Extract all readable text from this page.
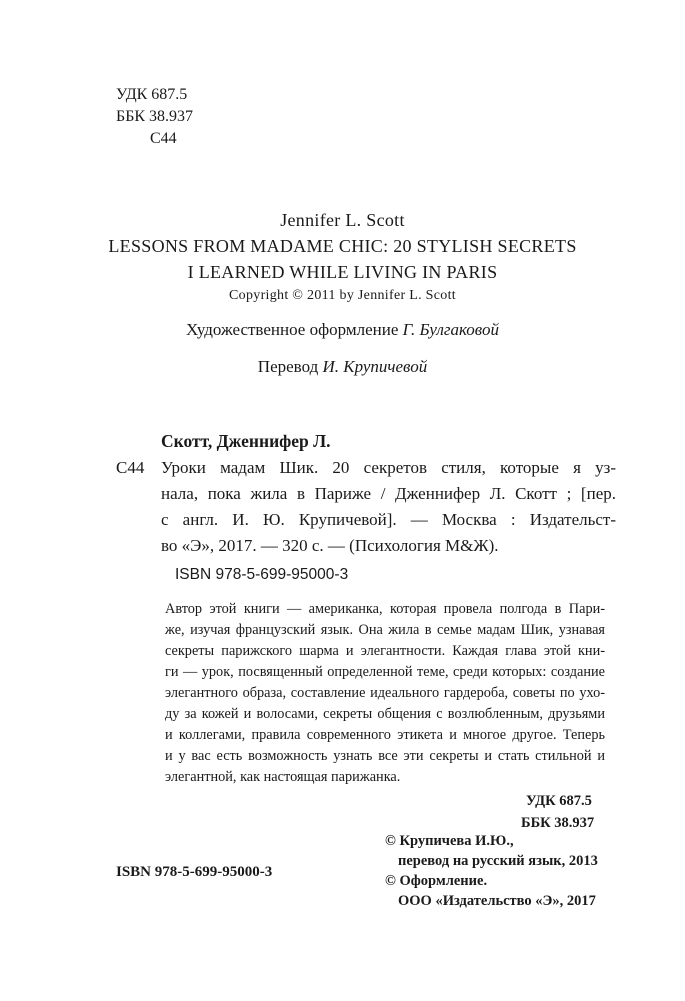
УДК 687.5
ББК 38.937
С44
Jennifer L. Scott
LESSONS FROM MADAME CHIC: 20 STYLISH SECRETS
I LEARNED WHILE LIVING IN PARIS
Copyright © 2011 by Jennifer L. Scott
Художественное оформление Г. Булгаковой
Перевод И. Крупичевой
Скотт, Дженнифер Л.
С44 Уроки мадам Шик. 20 секретов стиля, которые я уз-
нала, пока жила в Париже / Дженнифер Л. Скотт ; [пер.
с англ. И. Ю. Крупичевой]. — Москва : Издательст-
во «Э», 2017. — 320 с. — (Психология М&Ж).
ISBN 978-5-699-95000-3
Автор этой книги — американка, которая провела полгода в Пари-
же, изучая французский язык. Она жила в семье мадам Шик, узнавая
секреты парижского шарма и элегантности. Каждая глава этой кни-
ги — урок, посвященный определенной теме, среди которых: создание
элегантного образа, составление идеального гардероба, советы по ухо-
ду за кожей и волосами, секреты общения с возлюбленным, друзьями
и коллегами, правила современного этикета и многое другое. Теперь
и у вас есть возможность узнать все эти секреты и стать стильной и
элегантной, как настоящая парижанка.
УДК 687.5
ББК 38.937
ISBN 978-5-699-95000-3
© Крупичева И.Ю.,
перевод на русский язык, 2013
© Оформление.
ООО «Издательство «Э», 2017
